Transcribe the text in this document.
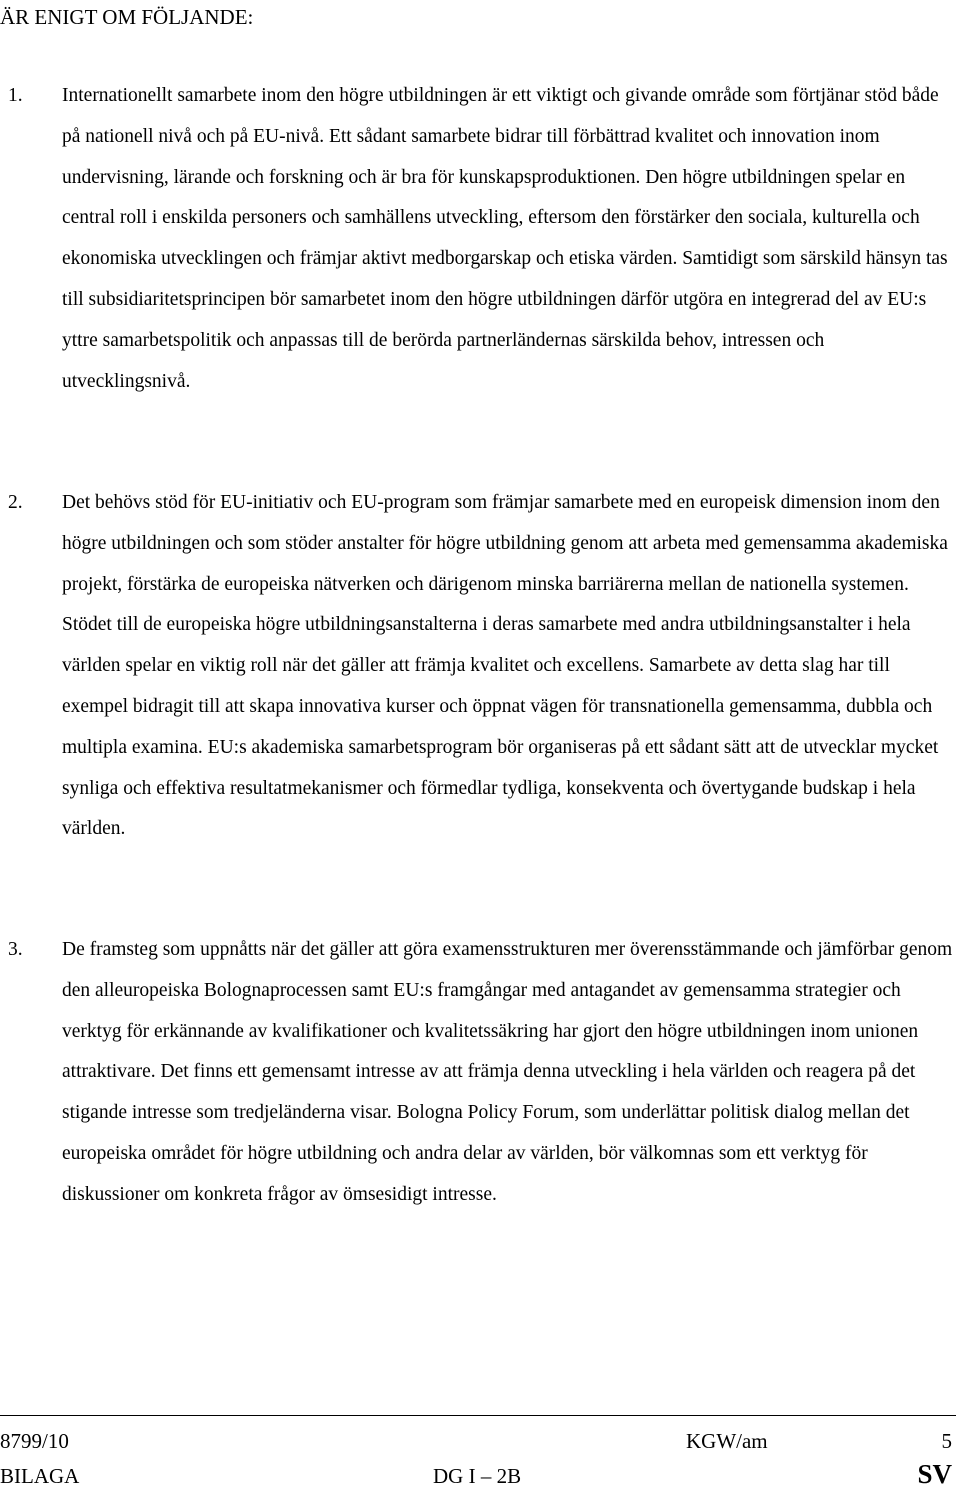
ÄR ENIGT OM FÖLJANDE:
1. Internationellt samarbete inom den högre utbildningen är ett viktigt och givande område som förtjänar stöd både på nationell nivå och på EU-nivå. Ett sådant samarbete bidrar till förbättrad kvalitet och innovation inom undervisning, lärande och forskning och är bra för kunskapsproduktionen. Den högre utbildningen spelar en central roll i enskilda personers och samhällens utveckling, eftersom den förstärker den sociala, kulturella och ekonomiska utvecklingen och främjar aktivt medborgarskap och etiska värden. Samtidigt som särskild hänsyn tas till subsidiaritetsprincipen bör samarbetet inom den högre utbildningen därför utgöra en integrerad del av EU:s yttre samarbetspolitik och anpassas till de berörda partnerländernas särskilda behov, intressen och utvecklingsnivå.
2. Det behövs stöd för EU-initiativ och EU-program som främjar samarbete med en europeisk dimension inom den högre utbildningen och som stöder anstalter för högre utbildning genom att arbeta med gemensamma akademiska projekt, förstärka de europeiska nätverken och därigenom minska barriärerna mellan de nationella systemen. Stödet till de europeiska högre utbildningsanstalterna i deras samarbete med andra utbildningsanstalter i hela världen spelar en viktig roll när det gäller att främja kvalitet och excellens. Samarbete av detta slag har till exempel bidragit till att skapa innovativa kurser och öppnat vägen för transnationella gemensamma, dubbla och multipla examina. EU:s akademiska samarbetsprogram bör organiseras på ett sådant sätt att de utvecklar mycket synliga och effektiva resultatmekanismer och förmedlar tydliga, konsekventa och övertygande budskap i hela världen.
3. De framsteg som uppnåtts när det gäller att göra examensstrukturen mer överensstämmande och jämförbar genom den alleuropeiska Bolognaprocessen samt EU:s framgångar med antagandet av gemensamma strategier och verktyg för erkännande av kvalifikationer och kvalitetssäkring har gjort den högre utbildningen inom unionen attraktivare. Det finns ett gemensamt intresse av att främja denna utveckling i hela världen och reagera på det stigande intresse som tredjeländerna visar. Bologna Policy Forum, som underlättar politisk dialog mellan det europeiska området för högre utbildning och andra delar av världen, bör välkomnas som ett verktyg för diskussioner om konkreta frågor av ömsesidigt intresse.
8799/10	KGW/am	5
BILAGA	DG I – 2B	SV
